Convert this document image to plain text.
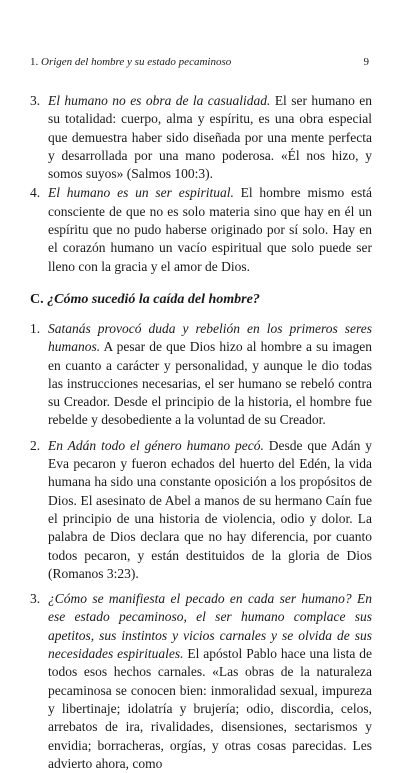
1. Origen del hombre y su estado pecaminoso	9
3. El humano no es obra de la casualidad. El ser humano en su totalidad: cuerpo, alma y espíritu, es una obra especial que demuestra haber sido diseñada por una mente perfecta y desarrollada por una mano poderosa. «Él nos hizo, y somos suyos» (Salmos 100:3).
4. El humano es un ser espiritual. El hombre mismo está consciente de que no es solo materia sino que hay en él un espíritu que no pudo haberse originado por sí solo. Hay en el corazón humano un vacío espiritual que solo puede ser lleno con la gracia y el amor de Dios.
C. ¿Cómo sucedió la caída del hombre?
1. Satanás provocó duda y rebelión en los primeros seres humanos. A pesar de que Dios hizo al hombre a su imagen en cuanto a carácter y personalidad, y aunque le dio todas las instrucciones necesarias, el ser humano se rebeló contra su Creador. Desde el principio de la historia, el hombre fue rebelde y desobediente a la voluntad de su Creador.
2. En Adán todo el género humano pecó. Desde que Adán y Eva pecaron y fueron echados del huerto del Edén, la vida humana ha sido una constante oposición a los propósitos de Dios. El asesinato de Abel a manos de su hermano Caín fue el principio de una historia de violencia, odio y dolor. La palabra de Dios declara que no hay diferencia, por cuanto todos pecaron, y están destituidos de la gloria de Dios (Romanos 3:23).
3. ¿Cómo se manifiesta el pecado en cada ser humano? En ese estado pecaminoso, el ser humano complace sus apetitos, sus instintos y vicios carnales y se olvida de sus necesidades espirituales. El apóstol Pablo hace una lista de todos esos hechos carnales. «Las obras de la naturaleza pecaminosa se conocen bien: inmoralidad sexual, impureza y libertinaje; idolatría y brujería; odio, discordia, celos, arrebatos de ira, rivalidades, disensiones, sectarismos y envidia; borracheras, orgías, y otras cosas parecidas. Les advierto ahora, como
